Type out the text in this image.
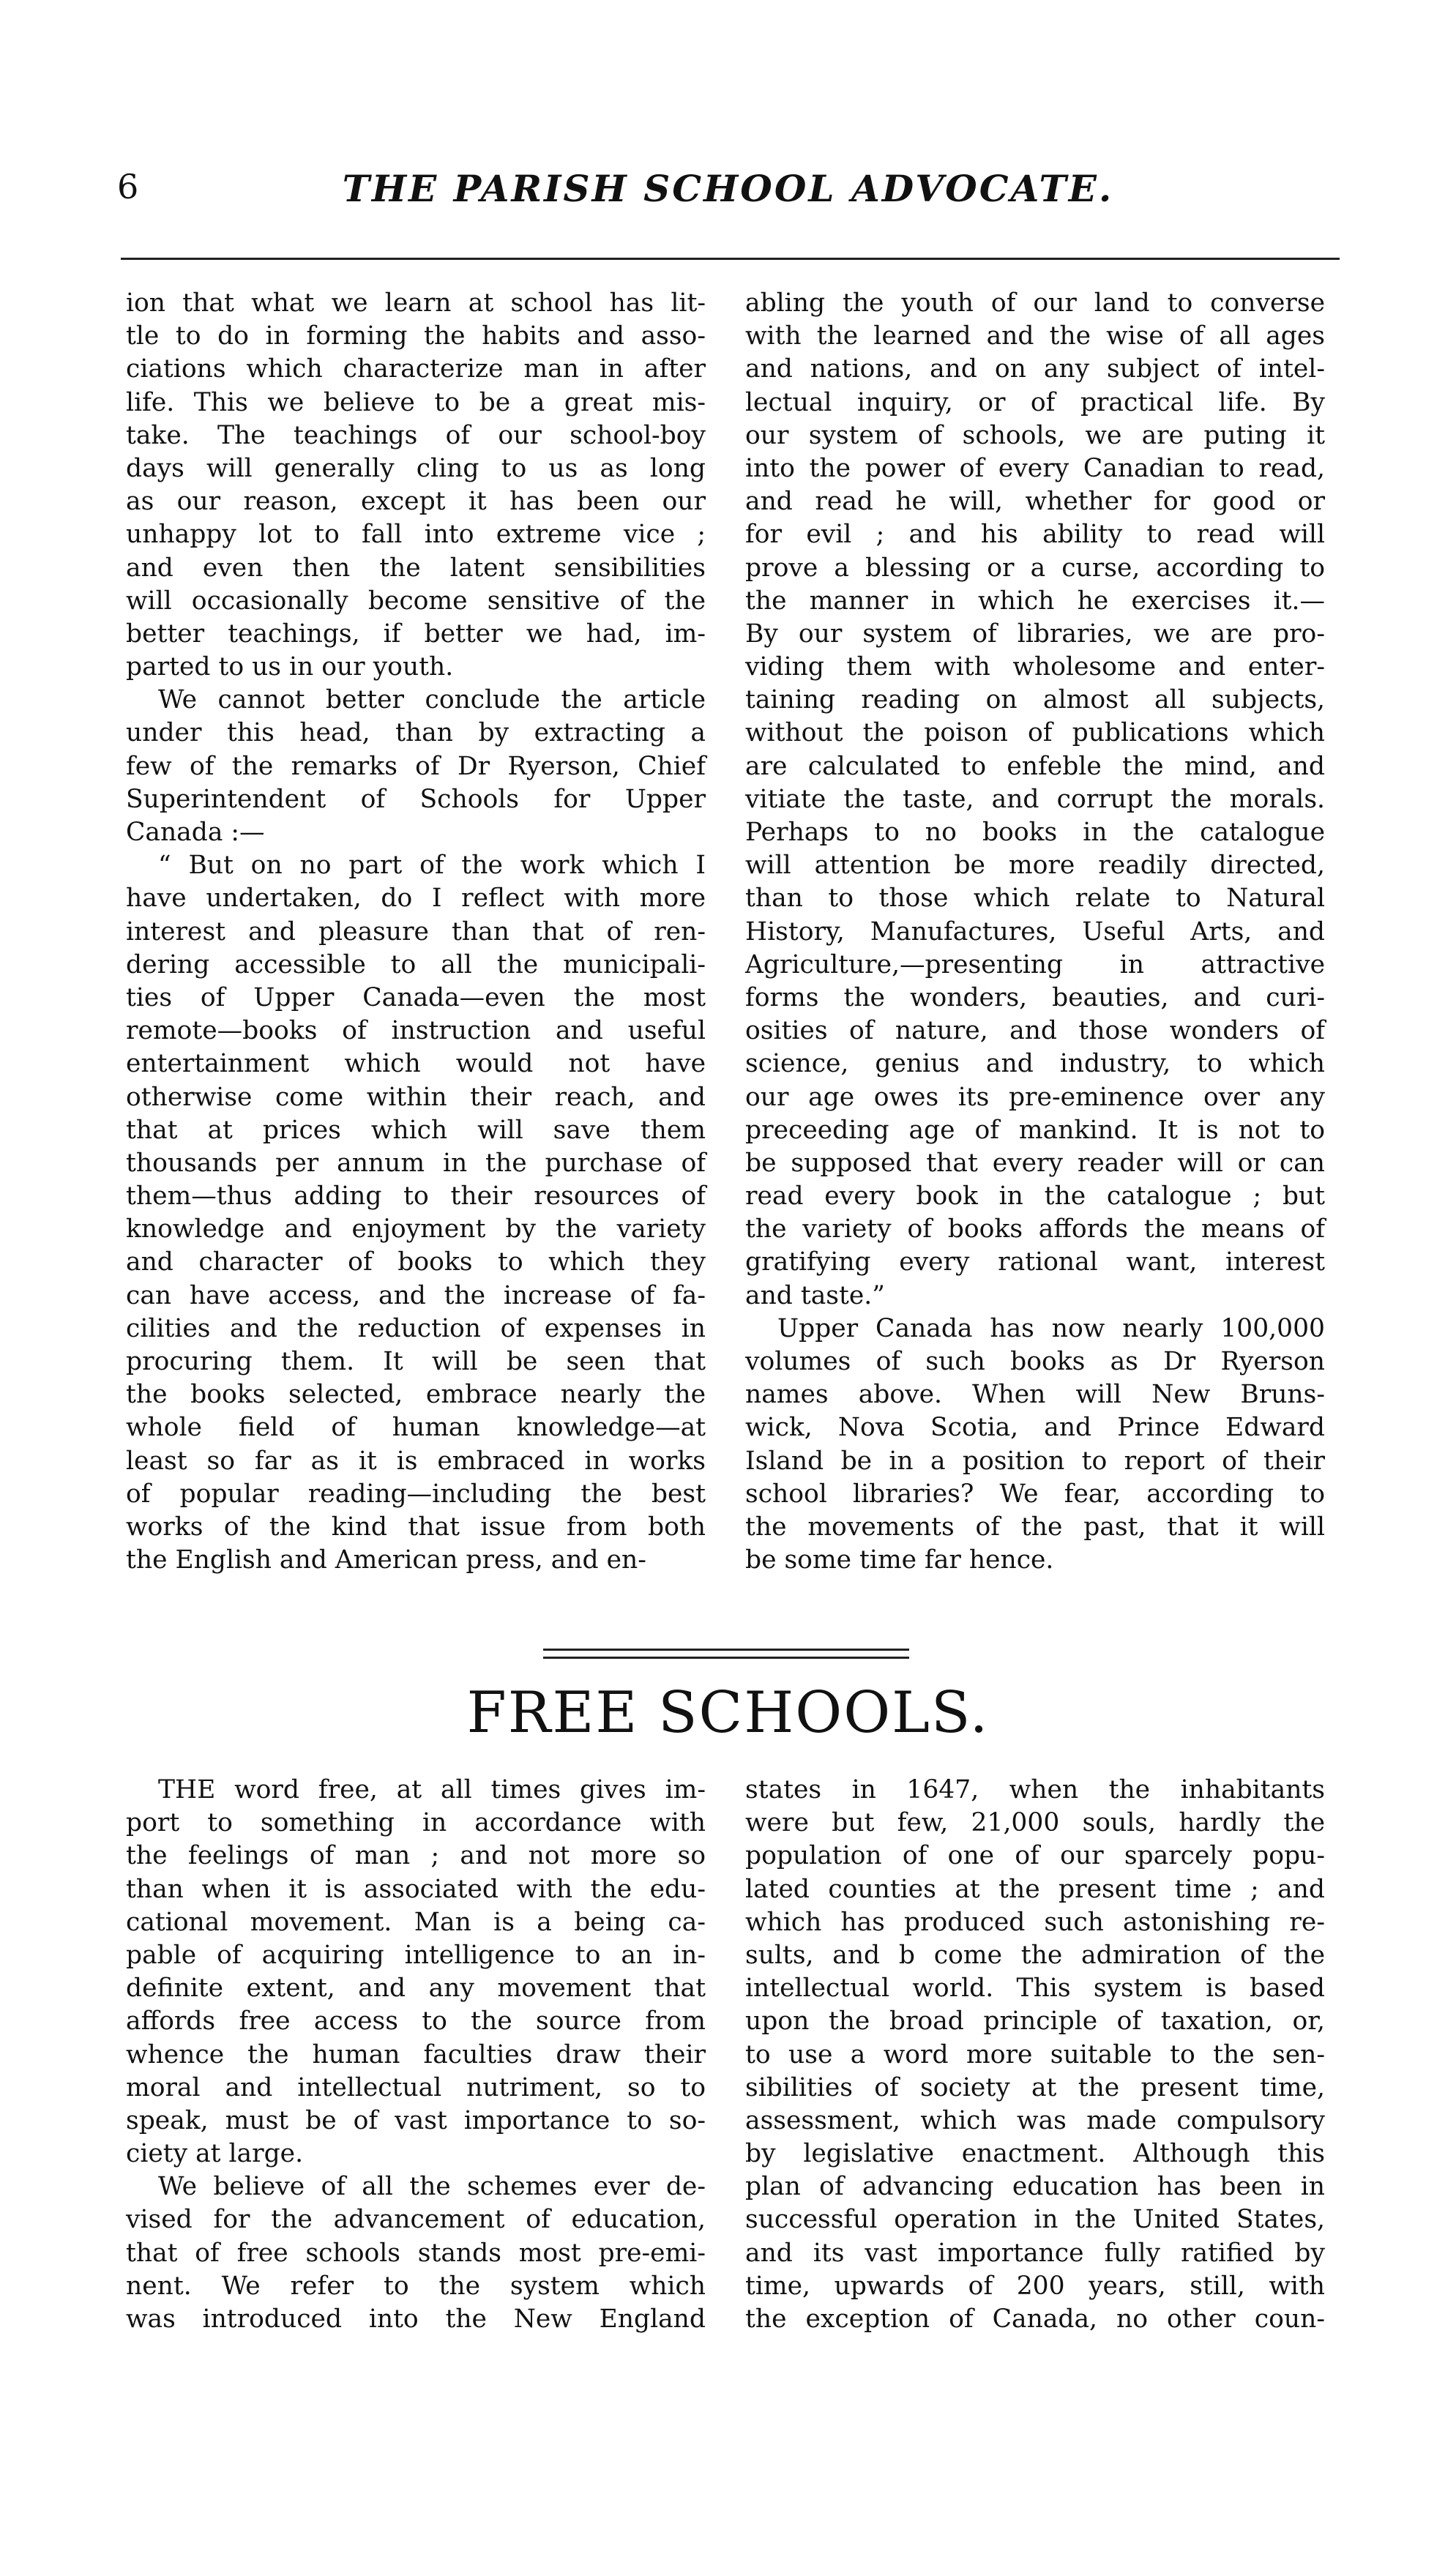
6	THE PARISH SCHOOL ADVOCATE.
ion that what we learn at school has lit-
tle to do in forming the habits and asso-
ciations which characterize man in after
life. This we believe to be a great mis-
take. The teachings of our school-boy
days will generally cling to us as long
as our reason, except it has been our
unhappy lot to fall into extreme vice ;
and even then the latent sensibilities
will occasionally become sensitive of the
better teachings, if better we had, im-
parted to us in our youth.
We cannot better conclude the article
under this head, than by extracting a
few of the remarks of Dr Ryerson, Chief
Superintendent of Schools for Upper
Canada :—
“ But on no part of the work which I
have undertaken, do I reflect with more
interest and pleasure than that of ren-
dering accessible to all the municipali-
ties of Upper Canada—even the most
remote—books of instruction and useful
entertainment which would not have
otherwise come within their reach, and
that at prices which will save them
thousands per annum in the purchase of
them—thus adding to their resources of
knowledge and enjoyment by the variety
and character of books to which they
can have access, and the increase of fa-
cilities and the reduction of expenses in
procuring them. It will be seen that
the books selected, embrace nearly the
whole field of human knowledge—at
least so far as it is embraced in works
of popular reading—including the best
works of the kind that issue from both
the English and American press, and en-
abling the youth of our land to converse
with the learned and the wise of all ages
and nations, and on any subject of intel-
lectual inquiry, or of practical life. By
our system of schools, we are puting it
into the power of every Canadian to read,
and read he will, whether for good or
for evil ; and his ability to read will
prove a blessing or a curse, according to
the manner in which he exercises it.—
By our system of libraries, we are pro-
viding them with wholesome and enter-
taining reading on almost all subjects,
without the poison of publications which
are calculated to enfeble the mind, and
vitiate the taste, and corrupt the morals.
Perhaps to no books in the catalogue
will attention be more readily directed,
than to those which relate to Natural
History, Manufactures, Useful Arts, and
Agriculture,—presenting in attractive
forms the wonders, beauties, and curi-
osities of nature, and those wonders of
science, genius and industry, to which
our age owes its pre-eminence over any
preceeding age of mankind. It is not to
be supposed that every reader will or can
read every book in the catalogue ; but
the variety of books affords the means of
gratifying every rational want, interest
and taste.”
Upper Canada has now nearly 100,000
volumes of such books as Dr Ryerson
names above. When will New Bruns-
wick, Nova Scotia, and Prince Edward
Island be in a position to report of their
school libraries? We fear, according to
the movements of the past, that it will
be some time far hence.
FREE SCHOOLS.
THE word free, at all times gives im-
port to something in accordance with
the feelings of man ; and not more so
than when it is associated with the edu-
cational movement. Man is a being ca-
pable of acquiring intelligence to an in-
definite extent, and any movement that
affords free access to the source from
whence the human faculties draw their
moral and intellectual nutriment, so to
speak, must be of vast importance to so-
ciety at large.
We believe of all the schemes ever de-
vised for the advancement of education,
that of free schools stands most pre-emi-
nent. We refer to the system which
was introduced into the New England
states in 1647, when the inhabitants
were but few, 21,000 souls, hardly the
population of one of our sparcely popu-
lated counties at the present time ; and
which has produced such astonishing re-
sults, and b come the admiration of the
intellectual world. This system is based
upon the broad principle of taxation, or,
to use a word more suitable to the sen-
sibilities of society at the present time,
assessment, which was made compulsory
by legislative enactment. Although this
plan of advancing education has been in
successful operation in the United States,
and its vast importance fully ratified by
time, upwards of 200 years, still, with
the exception of Canada, no other coun-
